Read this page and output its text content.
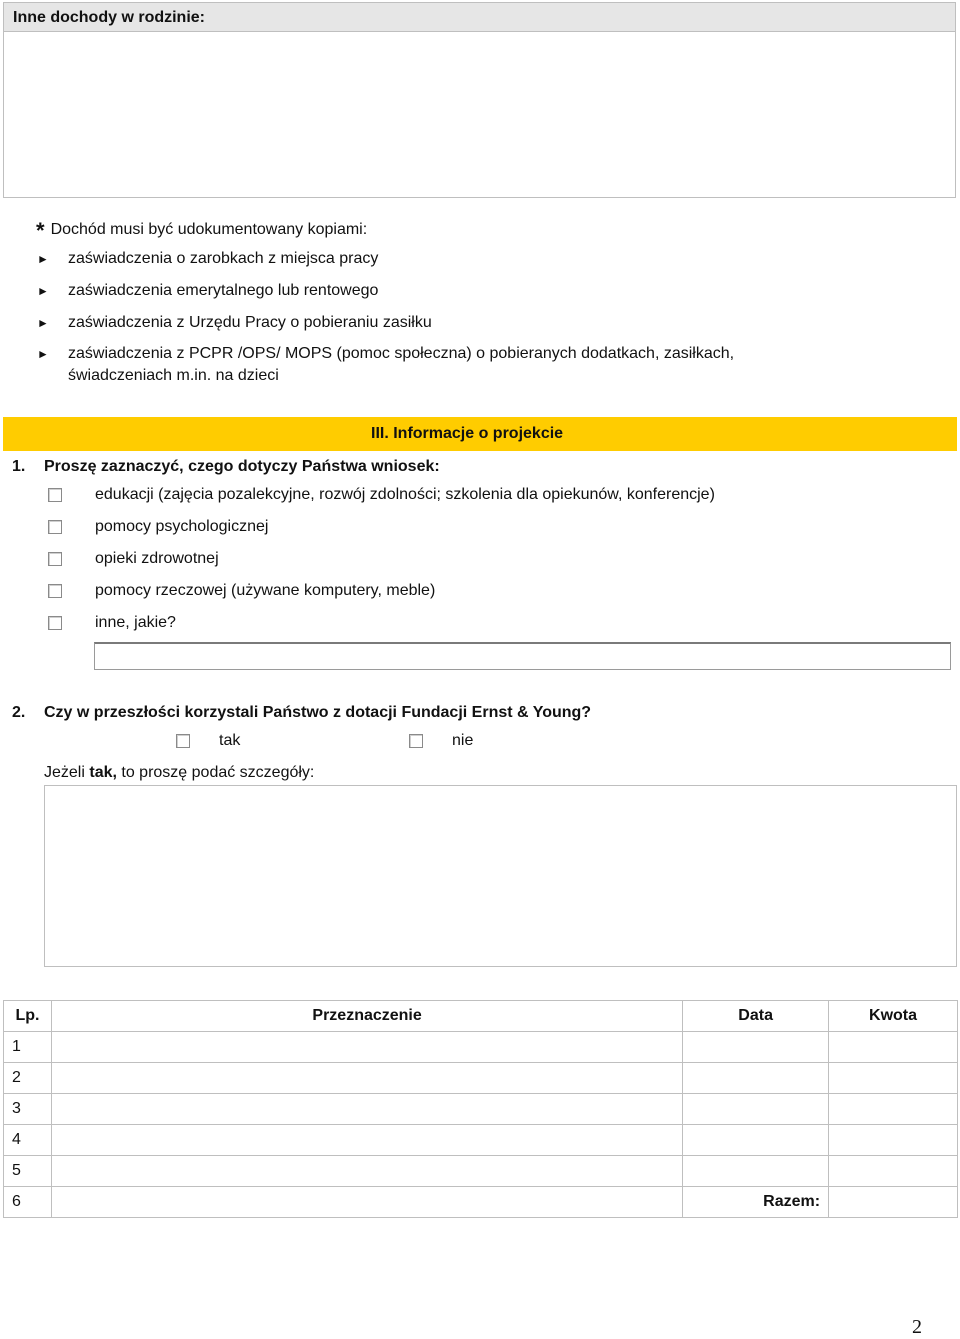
Inne dochody w rodzinie:
* Dochód musi być udokumentowany kopiami:
►	zaświadczenia o zarobkach z miejsca pracy
►	zaświadczenia emerytalnego lub rentowego
►	zaświadczenia z Urzędu Pracy o pobieraniu zasiłku
►	zaświadczenia z PCPR /OPS/ MOPS (pomoc społeczna) o pobieranych dodatkach, zasiłkach,
świadczeniach m.in. na dzieci
III. Informacje o projekcie
1. Proszę zaznaczyć, czego dotyczy Państwa wniosek:
edukacji (zajęcia pozalekcyjne, rozwój zdolności; szkolenia dla opiekunów, konferencje)
pomocy psychologicznej
opieki zdrowotnej
pomocy rzeczowej (używane komputery, meble)
inne, jakie?
2. Czy w przeszłości korzystali Państwo z dotacji Fundacji Ernst & Young?
tak	nie
Jeżeli tak, to proszę podać szczegóły:
Lp.	Przeznaczenie	Data	Kwota
1			
2			
3			
4			
5			
6		Razem:	
2
